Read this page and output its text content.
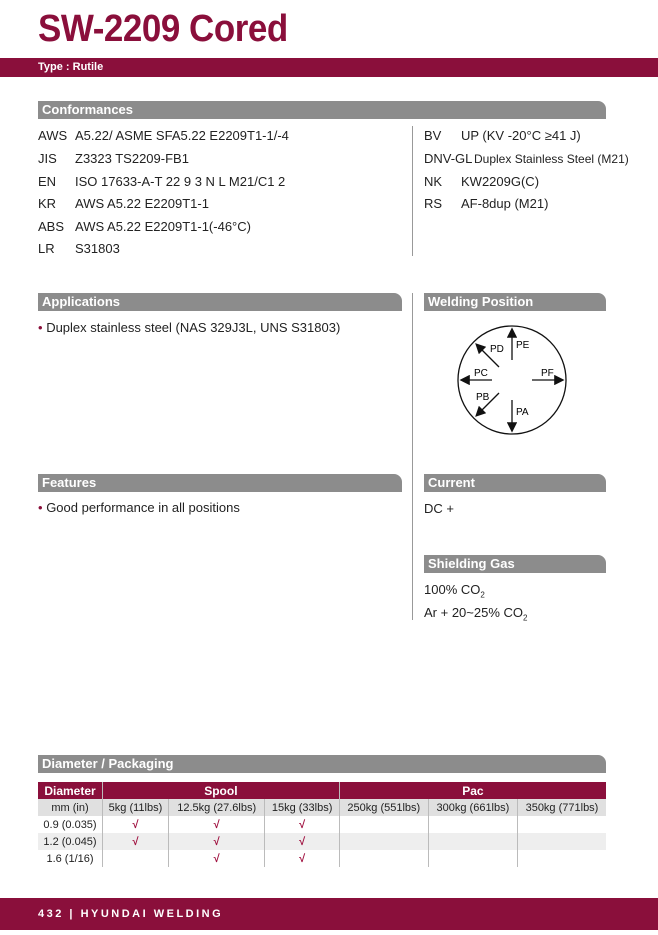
SW-2209 Cored
Type : Rutile
Conformances
AWS A5.22/ ASME SFA5.22 E2209T1-1/-4
JIS Z3323 TS2209-FB1
EN ISO 17633-A-T 22 9 3 N L M21/C1 2
KR AWS A5.22 E2209T1-1
ABS AWS A5.22 E2209T1-1(-46°C)
LR S31803
BV UP (KV -20°C ≥41 J)
DNV-GL Duplex Stainless Steel (M21)
NK KW2209G(C)
RS AF-8dup (M21)
Applications
• Duplex stainless steel (NAS 329J3L, UNS S31803)
Welding Position
PE
PD
PC	PF
PB
PA
Features
• Good performance in all positions
Current
DC +
Shielding Gas
100% $CO_2$
Ar + 20~25% $CO_2$
Diameter / Packaging
Diameter	Spool			Pac		
mm (in)	5kg (11lbs)	12.5kg (27.6lbs)	15kg (33lbs)	250kg (551lbs)	300kg (661lbs)	350kg (771lbs)
0.9 (0.035)	√	√	√			
1.2 (0.045)	√	√	√			
1.6 (1/16)		√	√			
432 | HYUNDAI WELDING
